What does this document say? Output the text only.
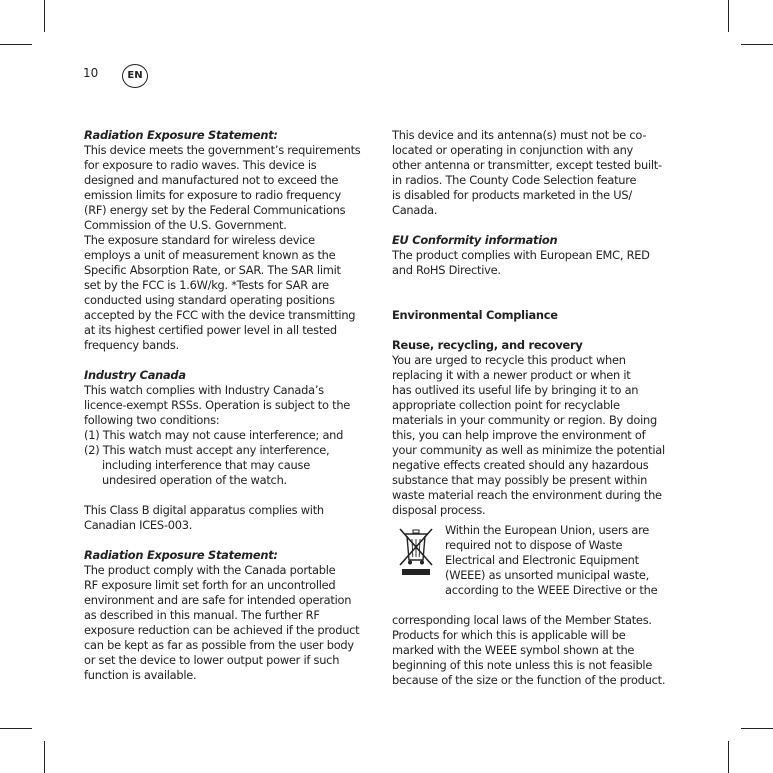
10	EN

Radiation Exposure Statement:

This device meets the government’s requirements

for exposure to radio waves. This device is

designed and manufactured not to exceed the

emission limits for exposure to radio frequency

(RF) energy set by the Federal Communications

Commission of the U.S. Government.

The exposure standard for wireless device

employs a unit of measurement known as the

Specific Absorption Rate, or SAR. The SAR limit

set by the FCC is 1.6W/kg. *Tests for SAR are

conducted using standard operating positions

accepted by the FCC with the device transmitting

at its highest certified power level in all tested

frequency bands.

Industry Canada

This watch complies with Industry Canada’s

licence-exempt RSSs. Operation is subject to the

following two conditions:

(1) This watch may not cause interference; and

(2) This watch must accept any interference,

including interference that may cause

undesired operation of the watch.

This Class B digital apparatus complies with

Canadian ICES-003.

Radiation Exposure Statement:

The product comply with the Canada portable

RF exposure limit set forth for an uncontrolled

environment and are safe for intended operation

as described in this manual. The further RF

exposure reduction can be achieved if the product

can be kept as far as possible from the user body

or set the device to lower output power if such

function is available.

This device and its antenna(s) must not be co-

located or operating in conjunction with any

other antenna or transmitter, except tested built-

in radios. The County Code Selection feature

is disabled for products marketed in the US/

Canada.

EU Conformity information

The product complies with European EMC, RED

and RoHS Directive.

Environmental Compliance

Reuse, recycling, and recovery

You are urged to recycle this product when

replacing it with a newer product or when it

has outlived its useful life by bringing it to an

appropriate collection point for recyclable

materials in your community or region. By doing

this, you can help improve the environment of

your community as well as minimize the potential

negative effects created should any hazardous

substance that may possibly be present within

waste material reach the environment during the

disposal process.

Within the European Union, users are

required not to dispose of Waste

Electrical and Electronic Equipment

(WEEE) as unsorted municipal waste,

according to the WEEE Directive or the

corresponding local laws of the Member States.

Products for which this is applicable will be

marked with the WEEE symbol shown at the

beginning of this note unless this is not feasible

because of the size or the function of the product.
